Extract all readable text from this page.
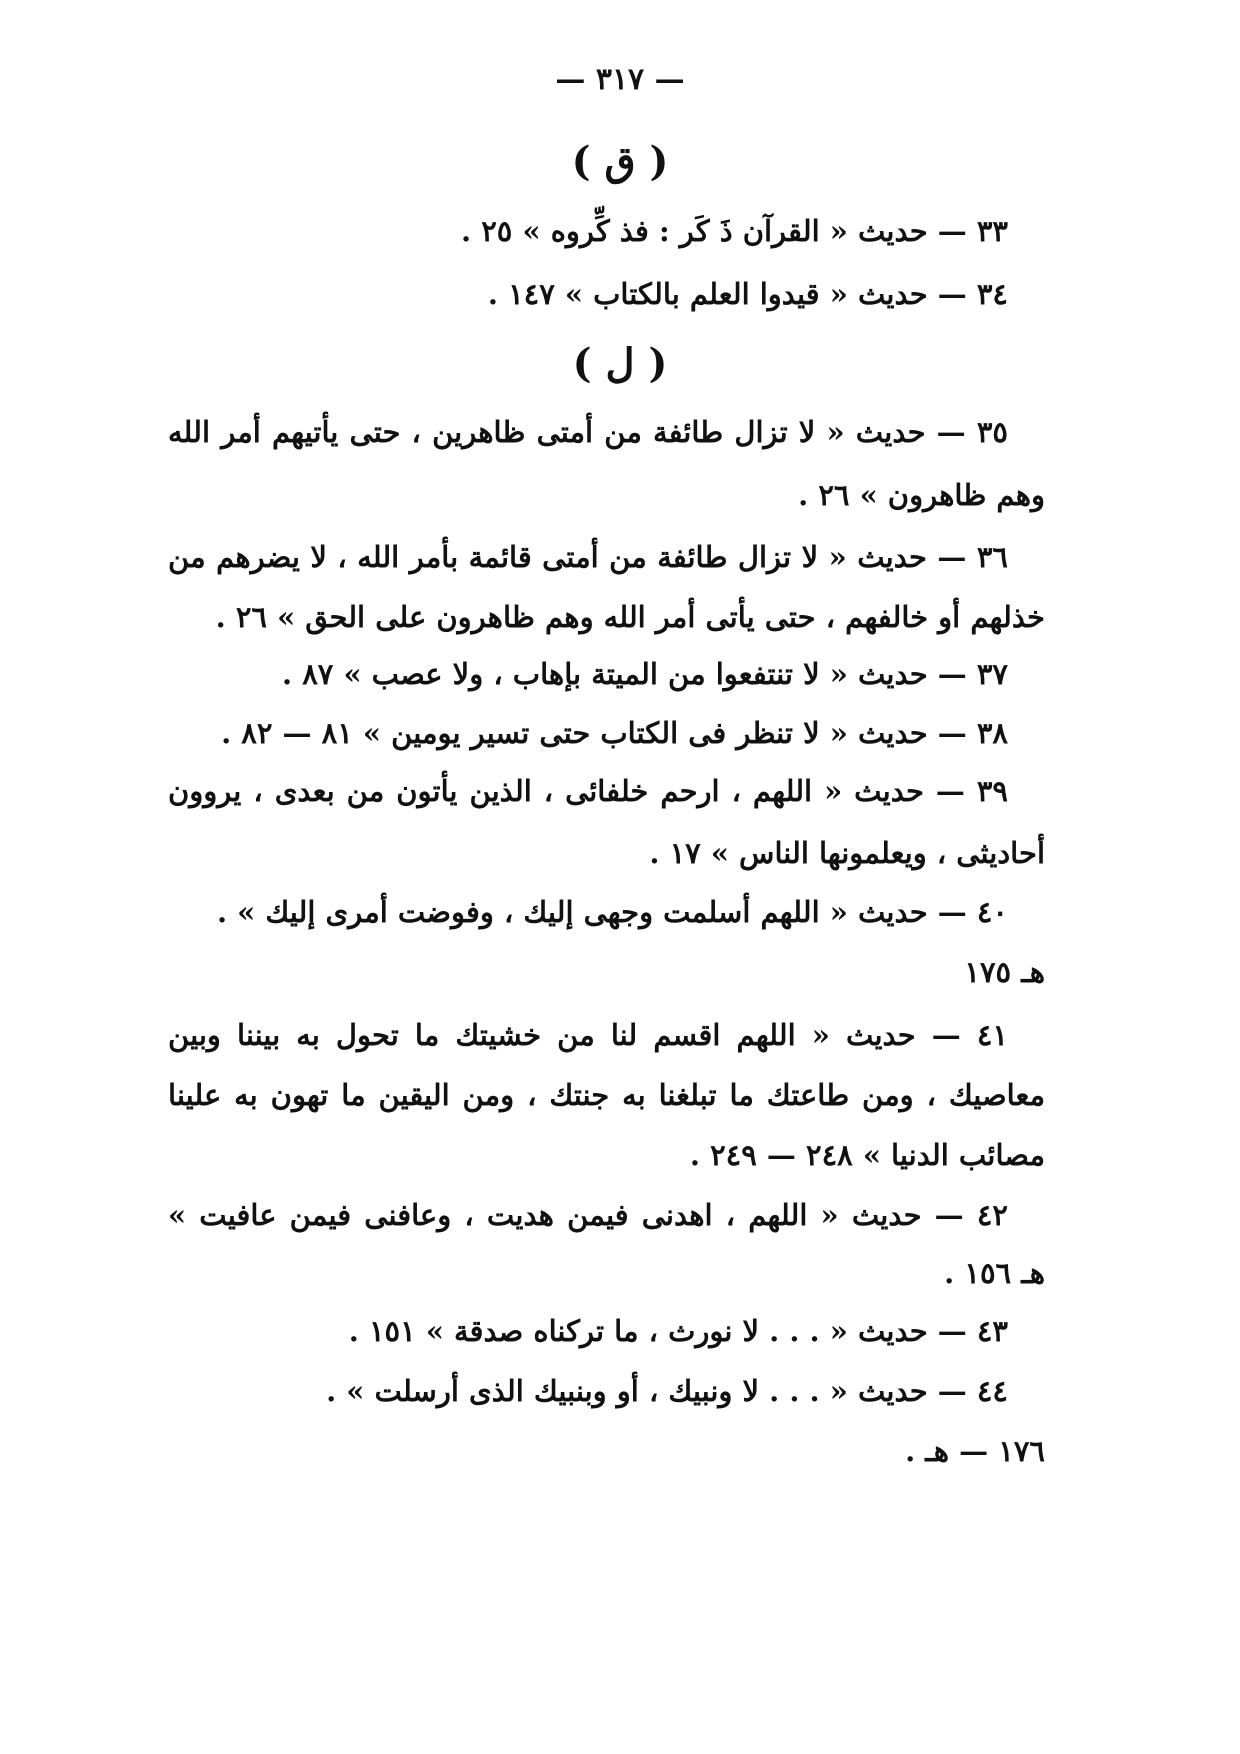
— ٣١٧ —
( ق )
٣٣ — حديث « القرآن ذَ كَر : فذ كِّروه » ٢٥ .
٣٤ — حديث « قيدوا العلم بالكتاب » ١٤٧ .
( ل )
٣٥ — حديث « لا تزال طائفة من أمتى ظاهرين ، حتى يأتيهم أمر الله
وهم ظاهرون » ٢٦ .
٣٦ — حديث « لا تزال طائفة من أمتى قائمة بأمر الله ، لا يضرهم من
خذلهم أو خالفهم ، حتى يأتى أمر الله وهم ظاهرون على الحق » ٢٦ .
٣٧ — حديث « لا تنتفعوا من الميتة بإهاب ، ولا عصب » ٨٧ .
٣٨ — حديث « لا تنظر فى الكتاب حتى تسير يومين » ٨١ — ٨٢ .
٣٩ — حديث « اللهم ، ارحم خلفائى ، الذين يأتون من بعدى ، يروون
أحاديثى ، ويعلمونها الناس » ١٧ .
٤٠ — حديث « اللهم أسلمت وجهى إليك ، وفوضت أمرى إليك » .
هـ ١٧٥
٤١ — حديث « اللهم اقسم لنا من خشيتك ما تحول به بيننا وبين
معاصيك ، ومن طاعتك ما تبلغنا به جنتك ، ومن اليقين ما تهون به علينا
مصائب الدنيا » ٢٤٨ — ٢٤٩ .
٤٢ — حديث « اللهم ، اهدنى فيمن هديت ، وعافنى فيمن عافيت »
هـ ١٥٦ .
٤٣ — حديث « . . . لا نورث ، ما تركناه صدقة » ١٥١ .
٤٤ — حديث « . . . لا ونبيك ، أو وبنبيك الذى أرسلت » .
١٧٦ — هـ .
